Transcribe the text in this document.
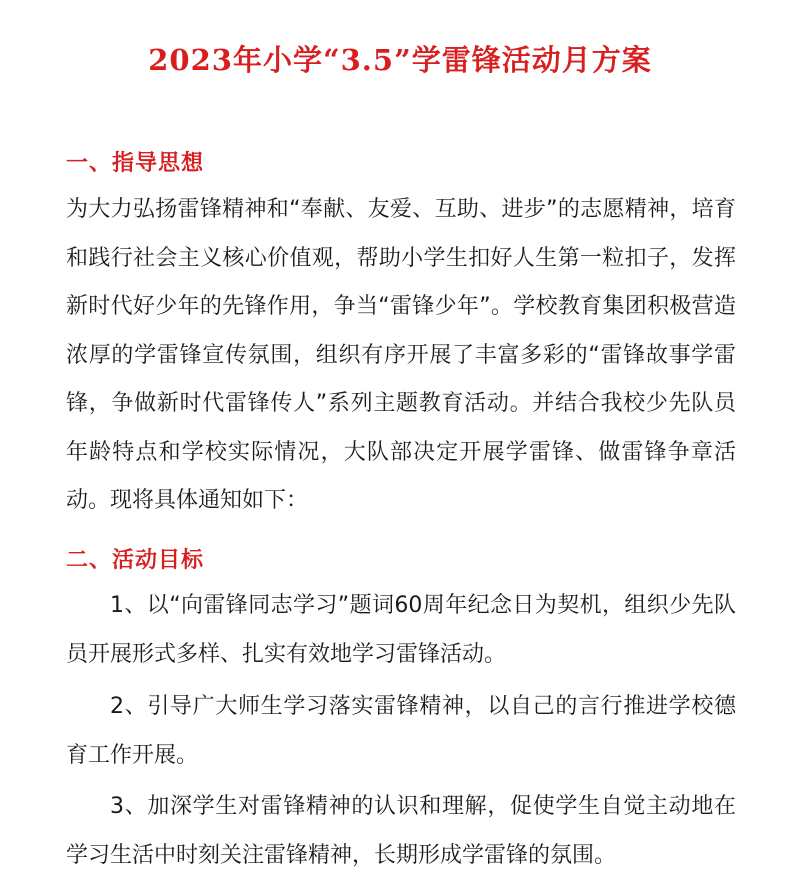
2023年小学“3.5”学雷锋活动月方案
一、指导思想

为大力弘扬雷锋精神和“奉献、友爱、互助、进步”的志愿精神，培育和践行社会主义核心价值观，帮助小学生扣好人生第一粒扣子，发挥新时代好少年的先锋作用，争当“雷锋少年”。学校教育集团积极营造浓厚的学雷锋宣传氛围，组织有序开展了丰富多彩的“雷锋故事学雷锋，争做新时代雷锋传人”系列主题教育活动。并结合我校少先队员年龄特点和学校实际情况，大队部决定开展学雷锋、做雷锋争章活动。现将具体通知如下：

二、活动目标

1、以“向雷锋同志学习”题词60周年纪念日为契机，组织少先队员开展形式多样、扎实有效地学习雷锋活动。

2、引导广大师生学习落实雷锋精神，以自己的言行推进学校德育工作开展。

3、加深学生对雷锋精神的认识和理解，促使学生自觉主动地在学习生活中时刻关注雷锋精神，长期形成学雷锋的氛围。
